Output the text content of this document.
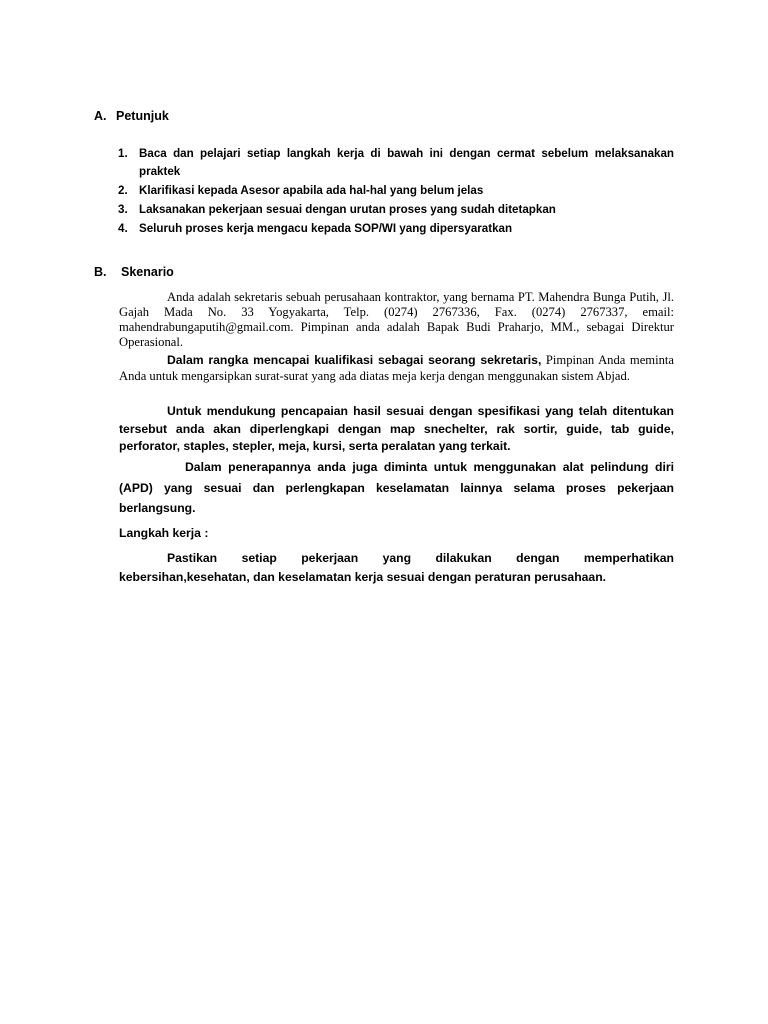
A. Petunjuk
1. Baca dan pelajari setiap langkah kerja di bawah ini dengan cermat sebelum melaksanakan praktek
2. Klarifikasi kepada Asesor apabila ada hal-hal yang belum jelas
3. Laksanakan pekerjaan sesuai dengan urutan proses yang sudah ditetapkan
4. Seluruh proses kerja mengacu kepada SOP/WI yang dipersyaratkan
B. Skenario
Anda adalah sekretaris sebuah perusahaan kontraktor, yang bernama PT. Mahendra Bunga Putih, Jl. Gajah Mada No. 33 Yogyakarta, Telp. (0274) 2767336, Fax. (0274) 2767337, email: mahendrabungaputih@gmail.com. Pimpinan anda adalah Bapak Budi Praharjo, MM., sebagai Direktur Operasional.
Dalam rangka mencapai kualifikasi sebagai seorang sekretaris, Pimpinan Anda meminta Anda untuk mengarsipkan surat-surat yang ada diatas meja kerja dengan menggunakan sistem Abjad.
Untuk mendukung pencapaian hasil sesuai dengan spesifikasi yang telah ditentukan tersebut anda akan diperlengkapi dengan map snechelter, rak sortir, guide, tab guide, perforator, staples, stepler, meja, kursi, serta peralatan yang terkait.
Dalam penerapannya anda juga diminta untuk menggunakan alat pelindung diri (APD) yang sesuai dan perlengkapan keselamatan lainnya selama proses pekerjaan berlangsung.
Langkah kerja :
Pastikan setiap pekerjaan yang dilakukan dengan memperhatikan kebersihan,kesehatan, dan keselamatan kerja sesuai dengan peraturan perusahaan.
